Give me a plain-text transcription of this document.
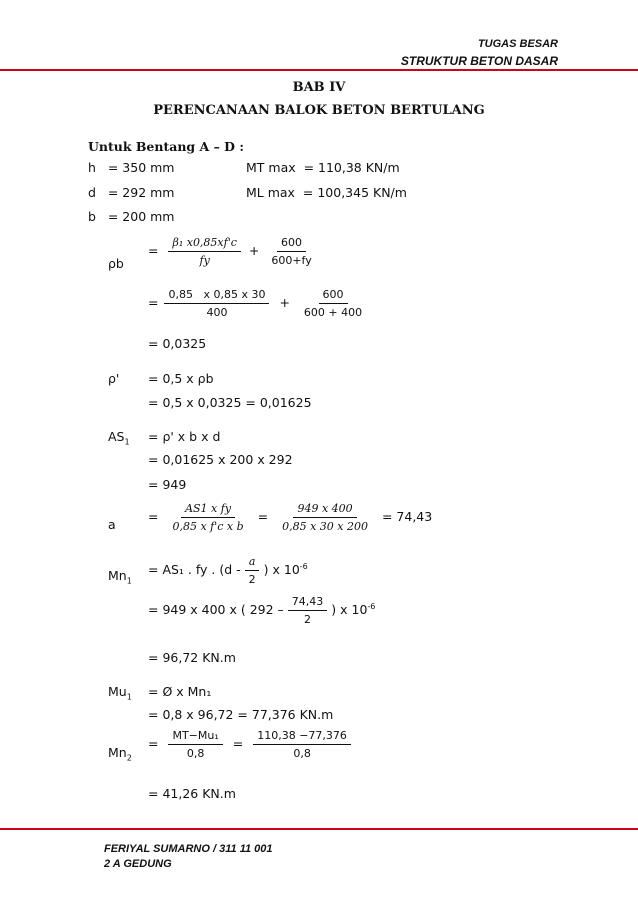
TUGAS BESAR
STRUKTUR BETON DASAR
BAB IV
PERENCANAAN BALOK BETON BERTULANG
Untuk Bentang A – D :
h   = 350 mm
d   = 292 mm
b   = 200 mm
MT max  = 110,38 KN/m
ML max  = 100,345 KN/m
ρb
= $\frac{\text{β₁ x0,85xf'c}}{fy} + \frac{600}{600+fy}$
= $\frac{0,85 x 0,85 x 30}{400} + \frac{600}{600 + 400}$
= 0,0325
ρ' = 0,5 x ρb
= 0,5 x 0,0325 = 0,01625
$AS_1 = \rho'$ x b x d
= 0,01625 x 200 x 292
= 949
a
= $\frac{\text{AS1 x fy}}{\text{0,85 x f'c x b}} = \frac{949 x 400}{0,85 x 30 x 200} = 74,43$
$Mn_1$
= AS₁ . fy . ($d - \frac{a}{2}$ ) x $10^{-6}$
= 949 x 400 x ( $292 - \frac{74,43}{2}$ ) x $10^{-6}$
= 96,72 KN.m
$Mu_1$ = Ø x Mn₁
= 0,8 x 96,72 = 77,376 KN.m
$Mn_2$
= $\frac{\text{MT−Mu₁}}{0,8} = \frac{110,38 -77,376}{0,8}$
= 41,26 KN.m
FERIYAL SUMARNO / 311 11 001
2 A GEDUNG
